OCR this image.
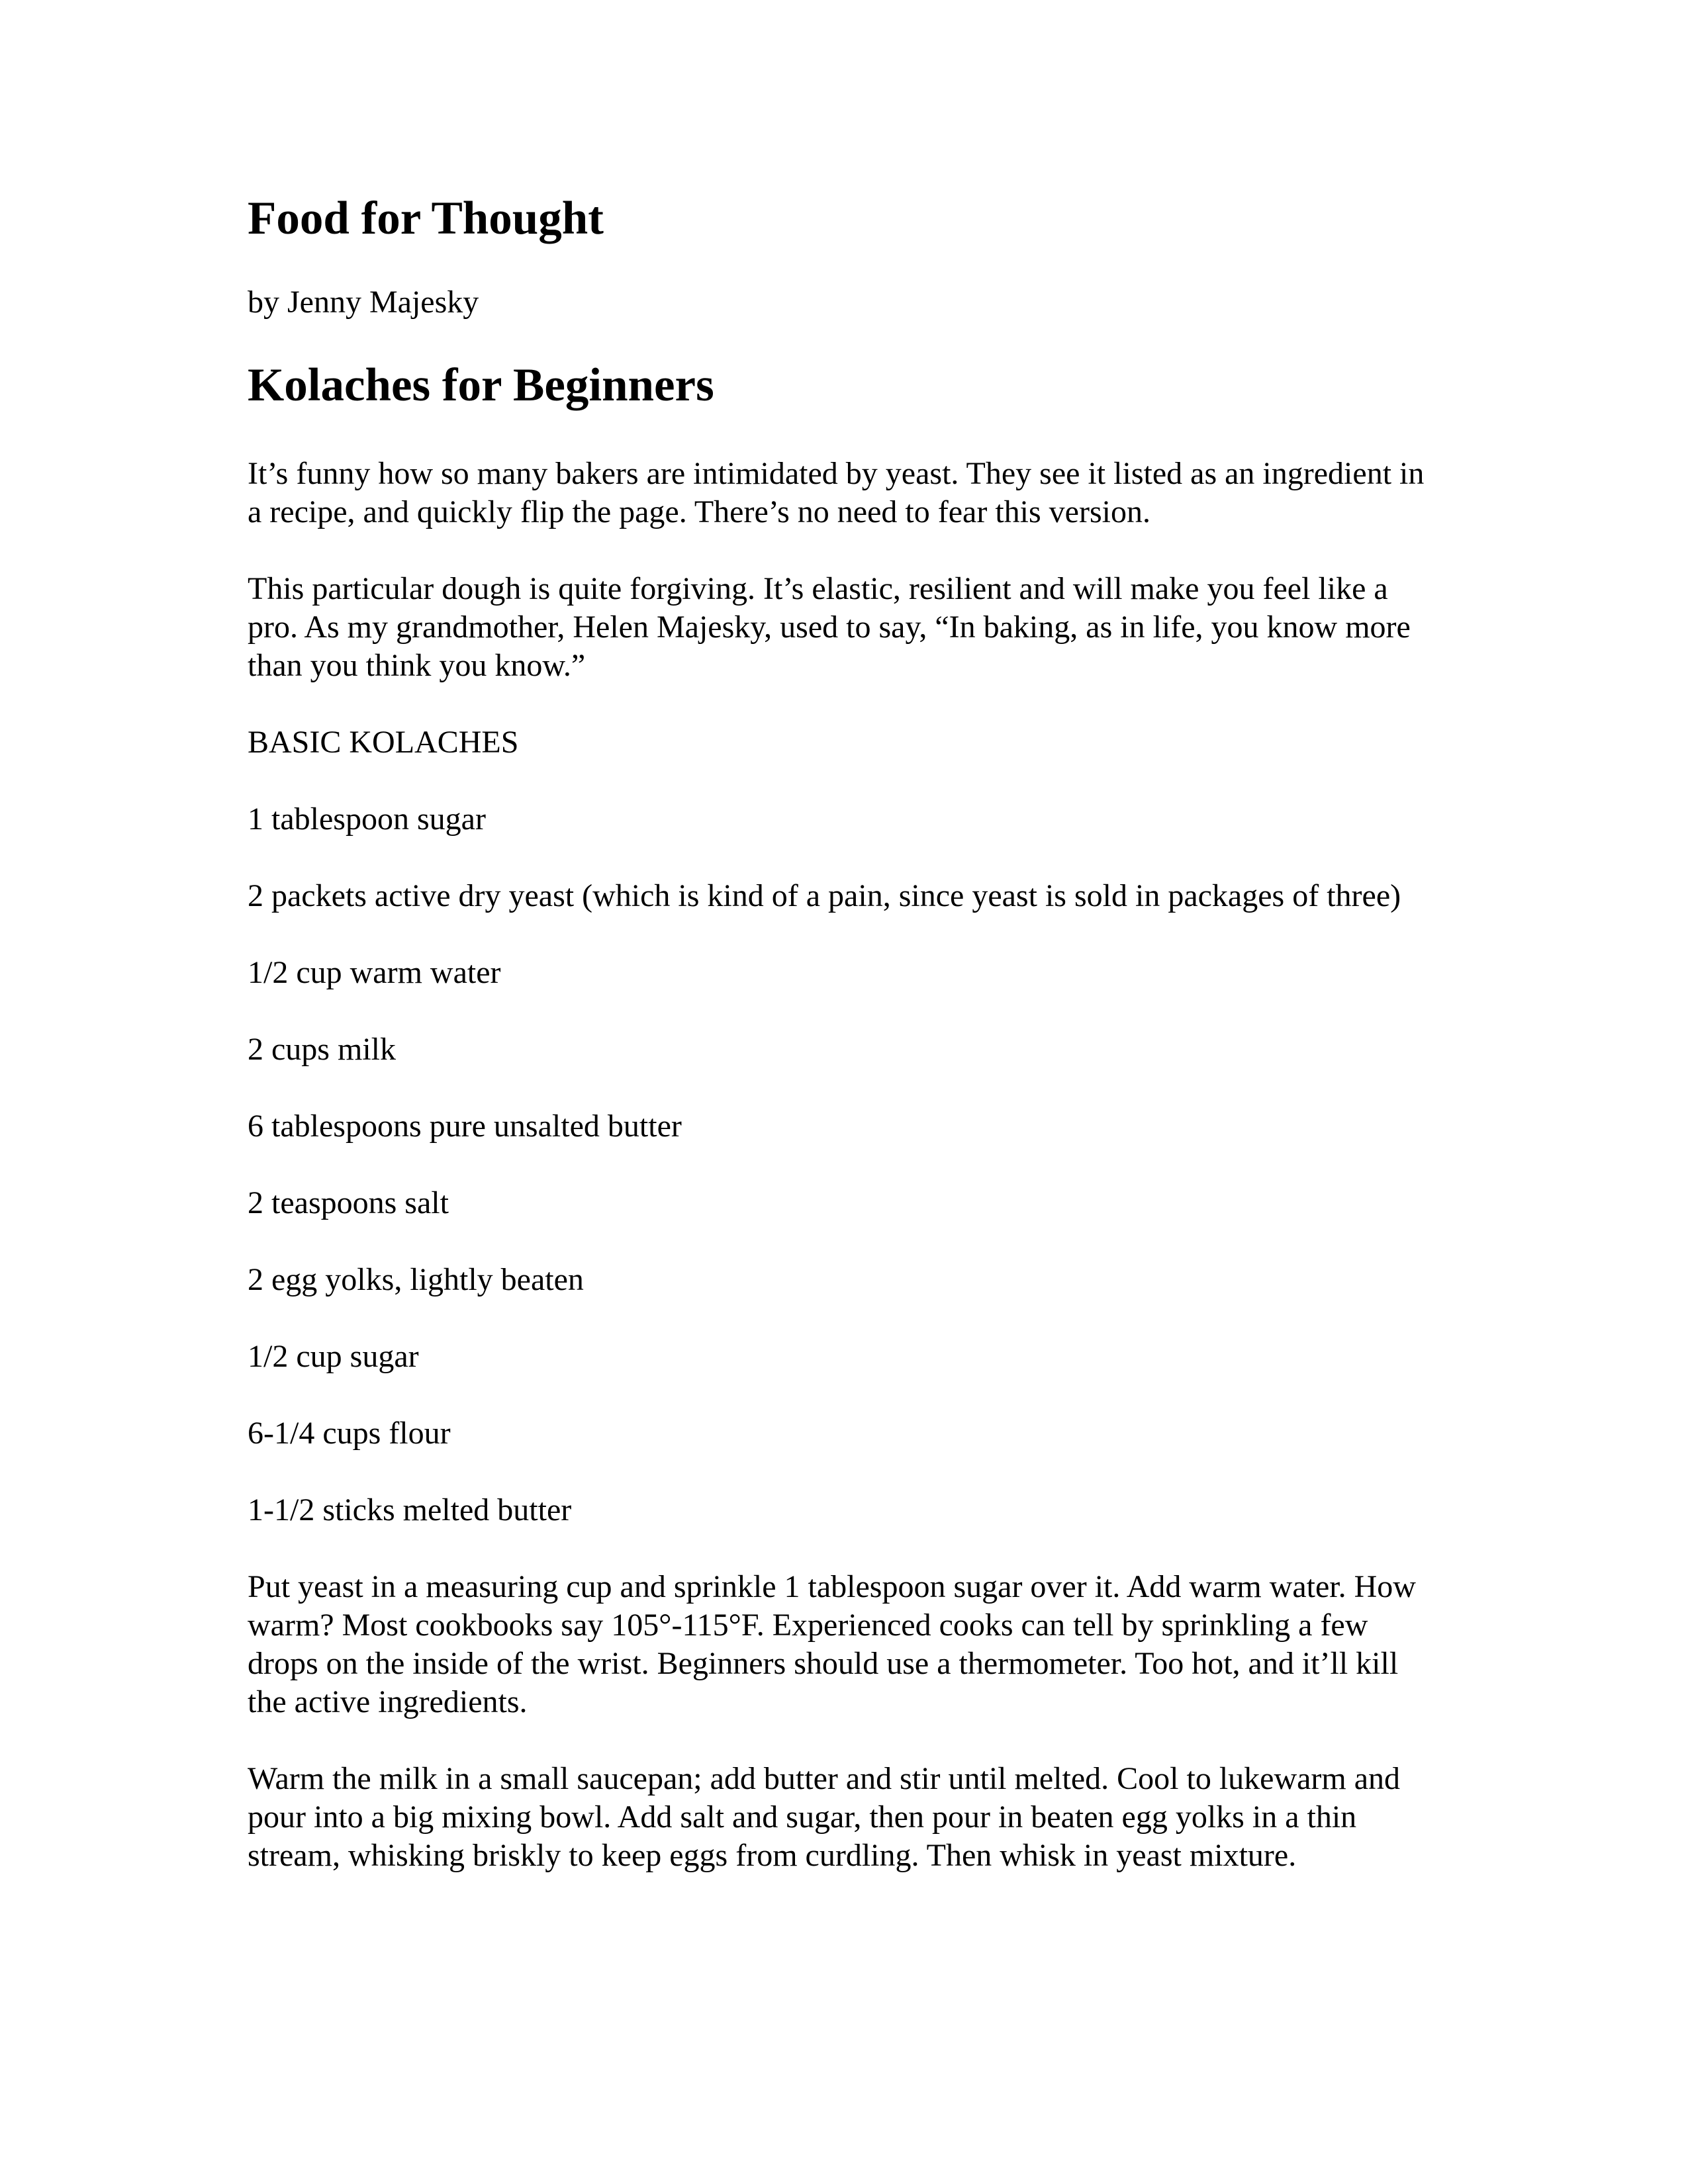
Food for Thought

by Jenny Majesky

Kolaches for Beginners

It’s funny how so many bakers are intimidated by yeast. They see it listed as an ingredient in a recipe, and quickly flip the page. There’s no need to fear this version.

This particular dough is quite forgiving. It’s elastic, resilient and will make you feel like a pro. As my grandmother, Helen Majesky, used to say, “In baking, as in life, you know more than you think you know.”

BASIC KOLACHES

1 tablespoon sugar

2 packets active dry yeast (which is kind of a pain, since yeast is sold in packages of three)

1/2 cup warm water

2 cups milk

6 tablespoons pure unsalted butter

2 teaspoons salt

2 egg yolks, lightly beaten

1/2 cup sugar

6-1/4 cups flour

1-1/2 sticks melted butter

Put yeast in a measuring cup and sprinkle 1 tablespoon sugar over it. Add warm water. How warm? Most cookbooks say 105°-115°F. Experienced cooks can tell by sprinkling a few drops on the inside of the wrist. Beginners should use a thermometer. Too hot, and it’ll kill the active ingredients.

Warm the milk in a small saucepan; add butter and stir until melted. Cool to lukewarm and pour into a big mixing bowl. Add salt and sugar, then pour in beaten egg yolks in a thin stream, whisking briskly to keep eggs from curdling. Then whisk in yeast mixture.
